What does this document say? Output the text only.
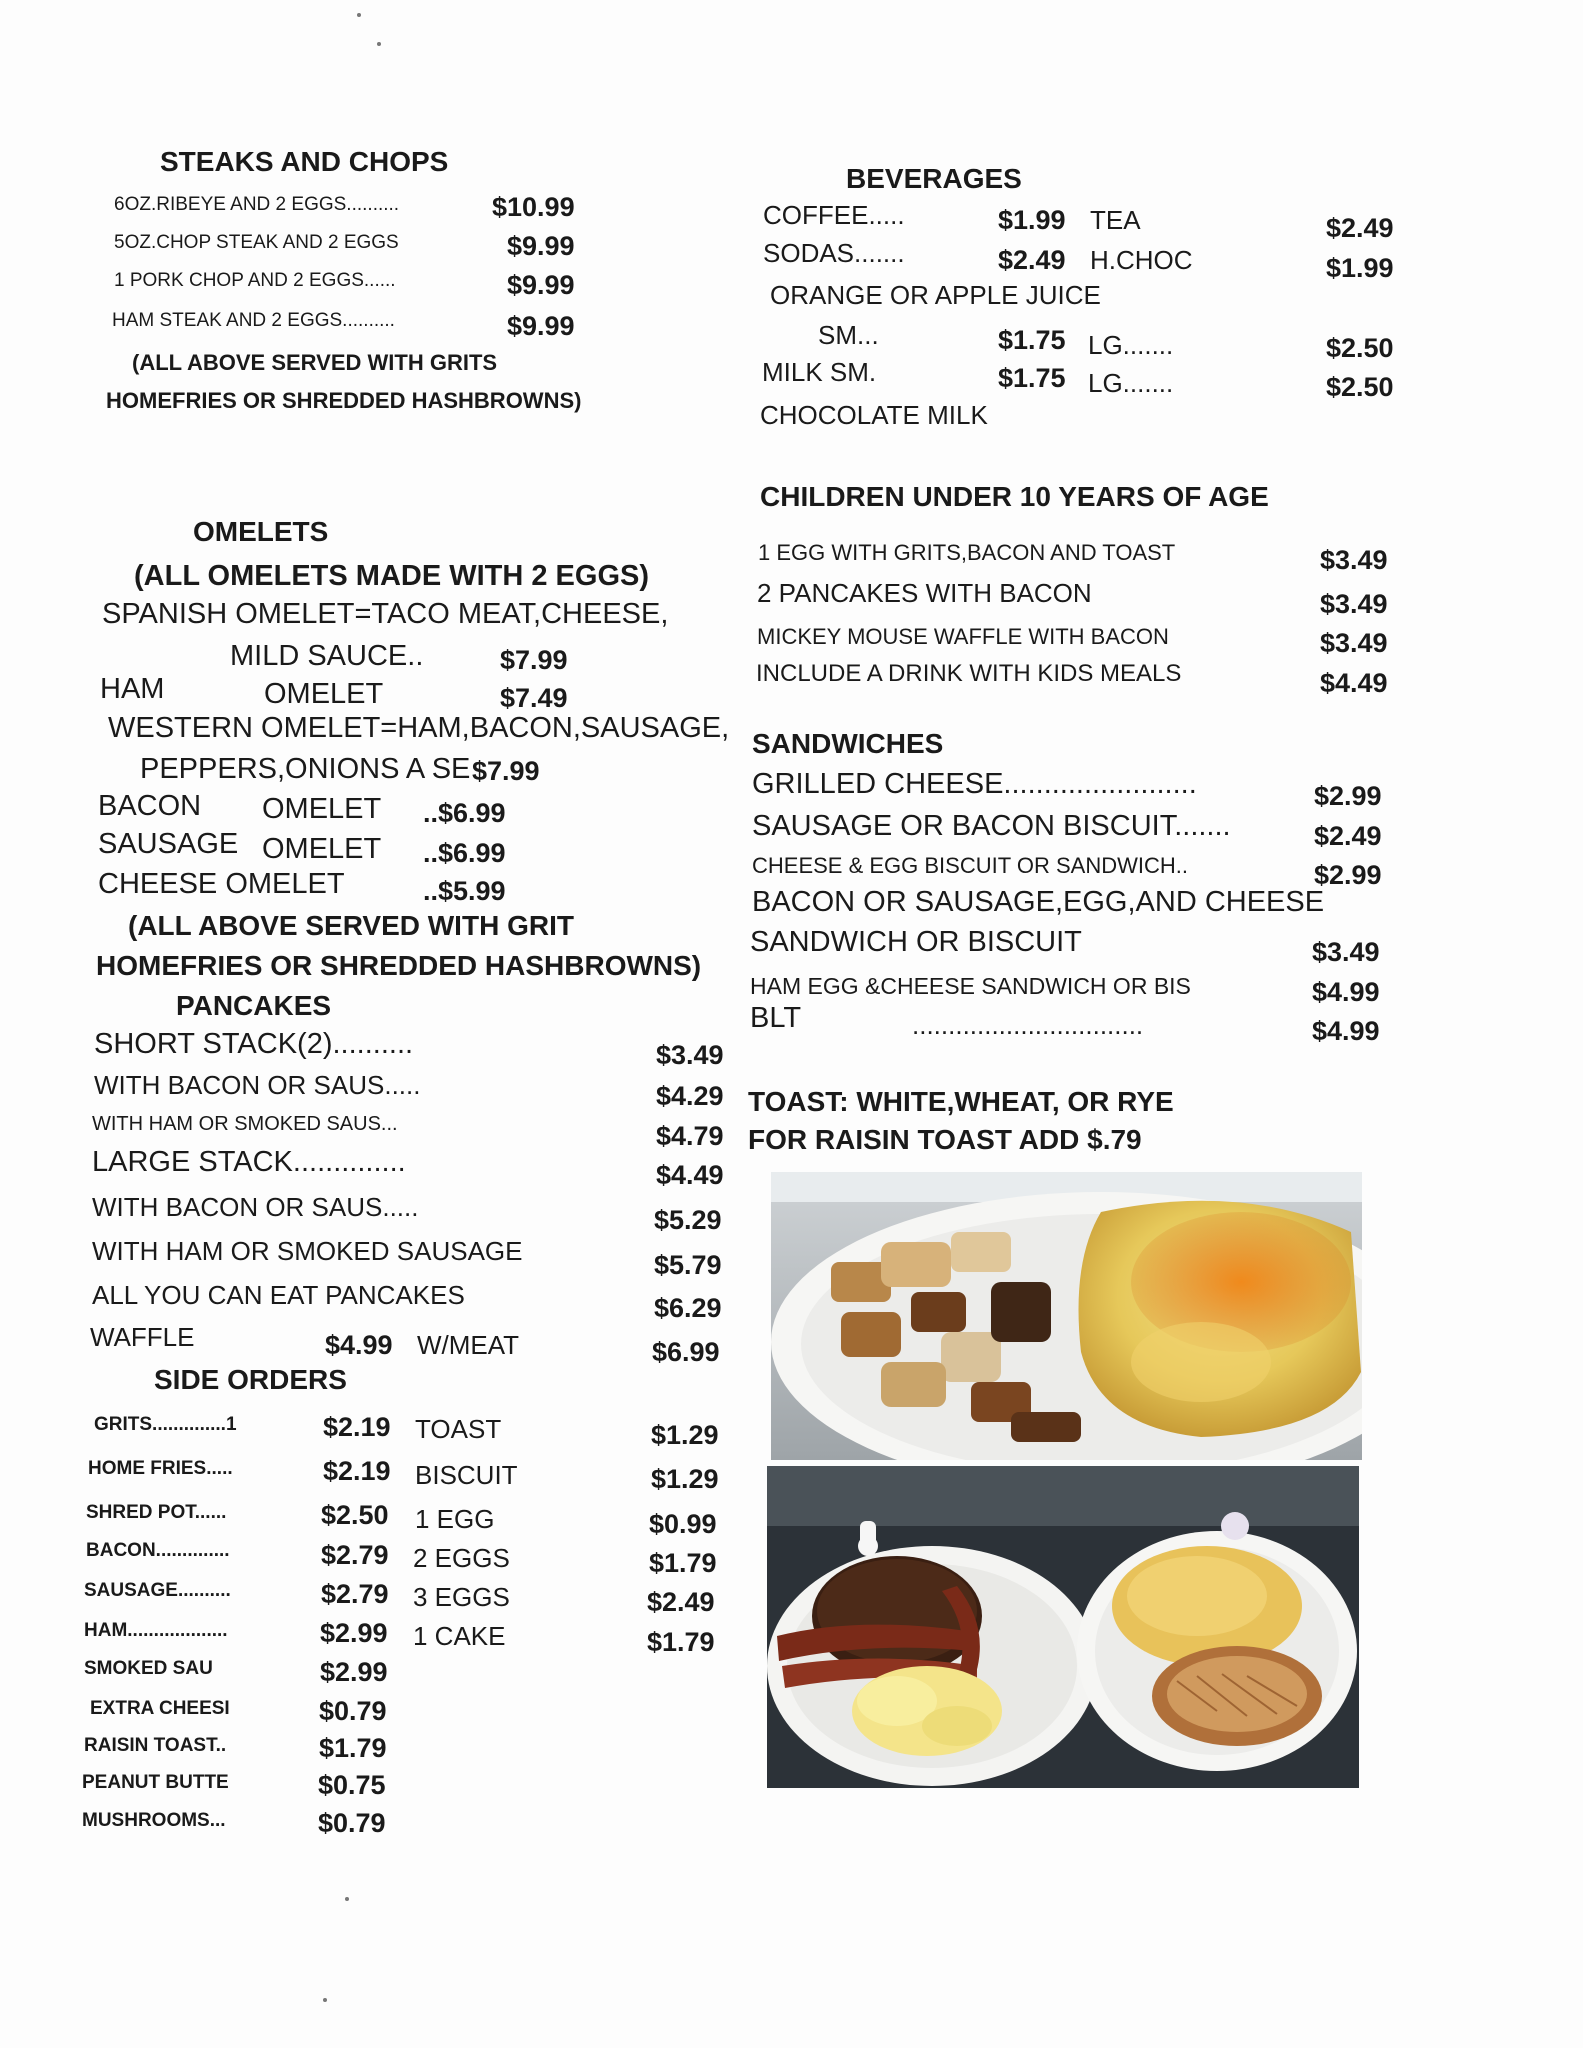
STEAKS AND CHOPS
6OZ.RIBEYE AND 2 EGGS..........	$10.99
5OZ.CHOP STEAK AND 2 EGGS	$9.99
1 PORK CHOP AND 2 EGGS......	$9.99
HAM STEAK AND 2 EGGS..........	$9.99
(ALL ABOVE SERVED WITH GRITS
HOMEFRIES OR SHREDDED HASHBROWNS)
BEVERAGES
COFFEE.....	$1.99 TEA	$2.49
SODAS.......	$2.49 H.CHOC	$1.99
ORANGE OR APPLE JUICE
SM...	$1.75 LG.......	$2.50
MILK SM.	$1.75 LG.......	$2.50
CHOCOLATE MILK
CHILDREN UNDER 10 YEARS OF AGE
1 EGG WITH GRITS,BACON AND TOAST	$3.49
2 PANCAKES WITH BACON	$3.49
MICKEY MOUSE WAFFLE WITH BACON	$3.49
INCLUDE A DRINK WITH KIDS MEALS	$4.49
OMELETS
(ALL OMELETS MADE WITH 2 EGGS)
SPANISH OMELET=TACO MEAT,CHEESE,
MILD SAUCE..	$7.99
HAM	OMELET	$7.49
WESTERN OMELET=HAM,BACON,SAUSAGE,
PEPPERS,ONIONS A SE $7.99
BACON OMELET ..$6.99
SAUSAGE OMELET ..$6.99
CHEESE OMELET	..$5.99
(ALL ABOVE SERVED WITH GRIT
HOMEFRIES OR SHREDDED HASHBROWNS)
SANDWICHES
GRILLED CHEESE........................	$2.99
SAUSAGE OR BACON BISCUIT.......	$2.49
CHEESE & EGG BISCUIT OR SANDWICH..	$2.99
BACON OR SAUSAGE,EGG,AND CHEESE
SANDWICH OR BISCUIT	$3.49
HAM EGG &CHEESE SANDWICH OR BIS	$4.99
BLT	................................	$4.99
TOAST: WHITE,WHEAT, OR RYE
FOR RAISIN TOAST ADD $.79
PANCAKES
SHORT STACK(2)..........	$3.49
WITH BACON OR SAUS.....	$4.29
WITH HAM OR SMOKED SAUS...	$4.79
LARGE STACK..............	$4.49
WITH BACON OR SAUS.....	$5.29
WITH HAM OR SMOKED SAUSAGE	$5.79
ALL YOU CAN EAT PANCAKES	$6.29
WAFFLE	$4.99 W/MEAT	$6.99
SIDE ORDERS
GRITS..............1	$2.19
HOME FRIES.....	$2.19
SHRED POT......	$2.50
BACON..............	$2.79
SAUSAGE..........	$2.79
HAM...................	$2.99
SMOKED SAU	$2.99
EXTRA CHEESI	$0.79
RAISIN TOAST..	$1.79
PEANUT BUTTE	$0.75
MUSHROOMS...	$0.79
TOAST	$1.29
BISCUIT	$1.29
1 EGG	$0.99
2 EGGS	$1.79
3 EGGS	$2.49
1 CAKE	$1.79
